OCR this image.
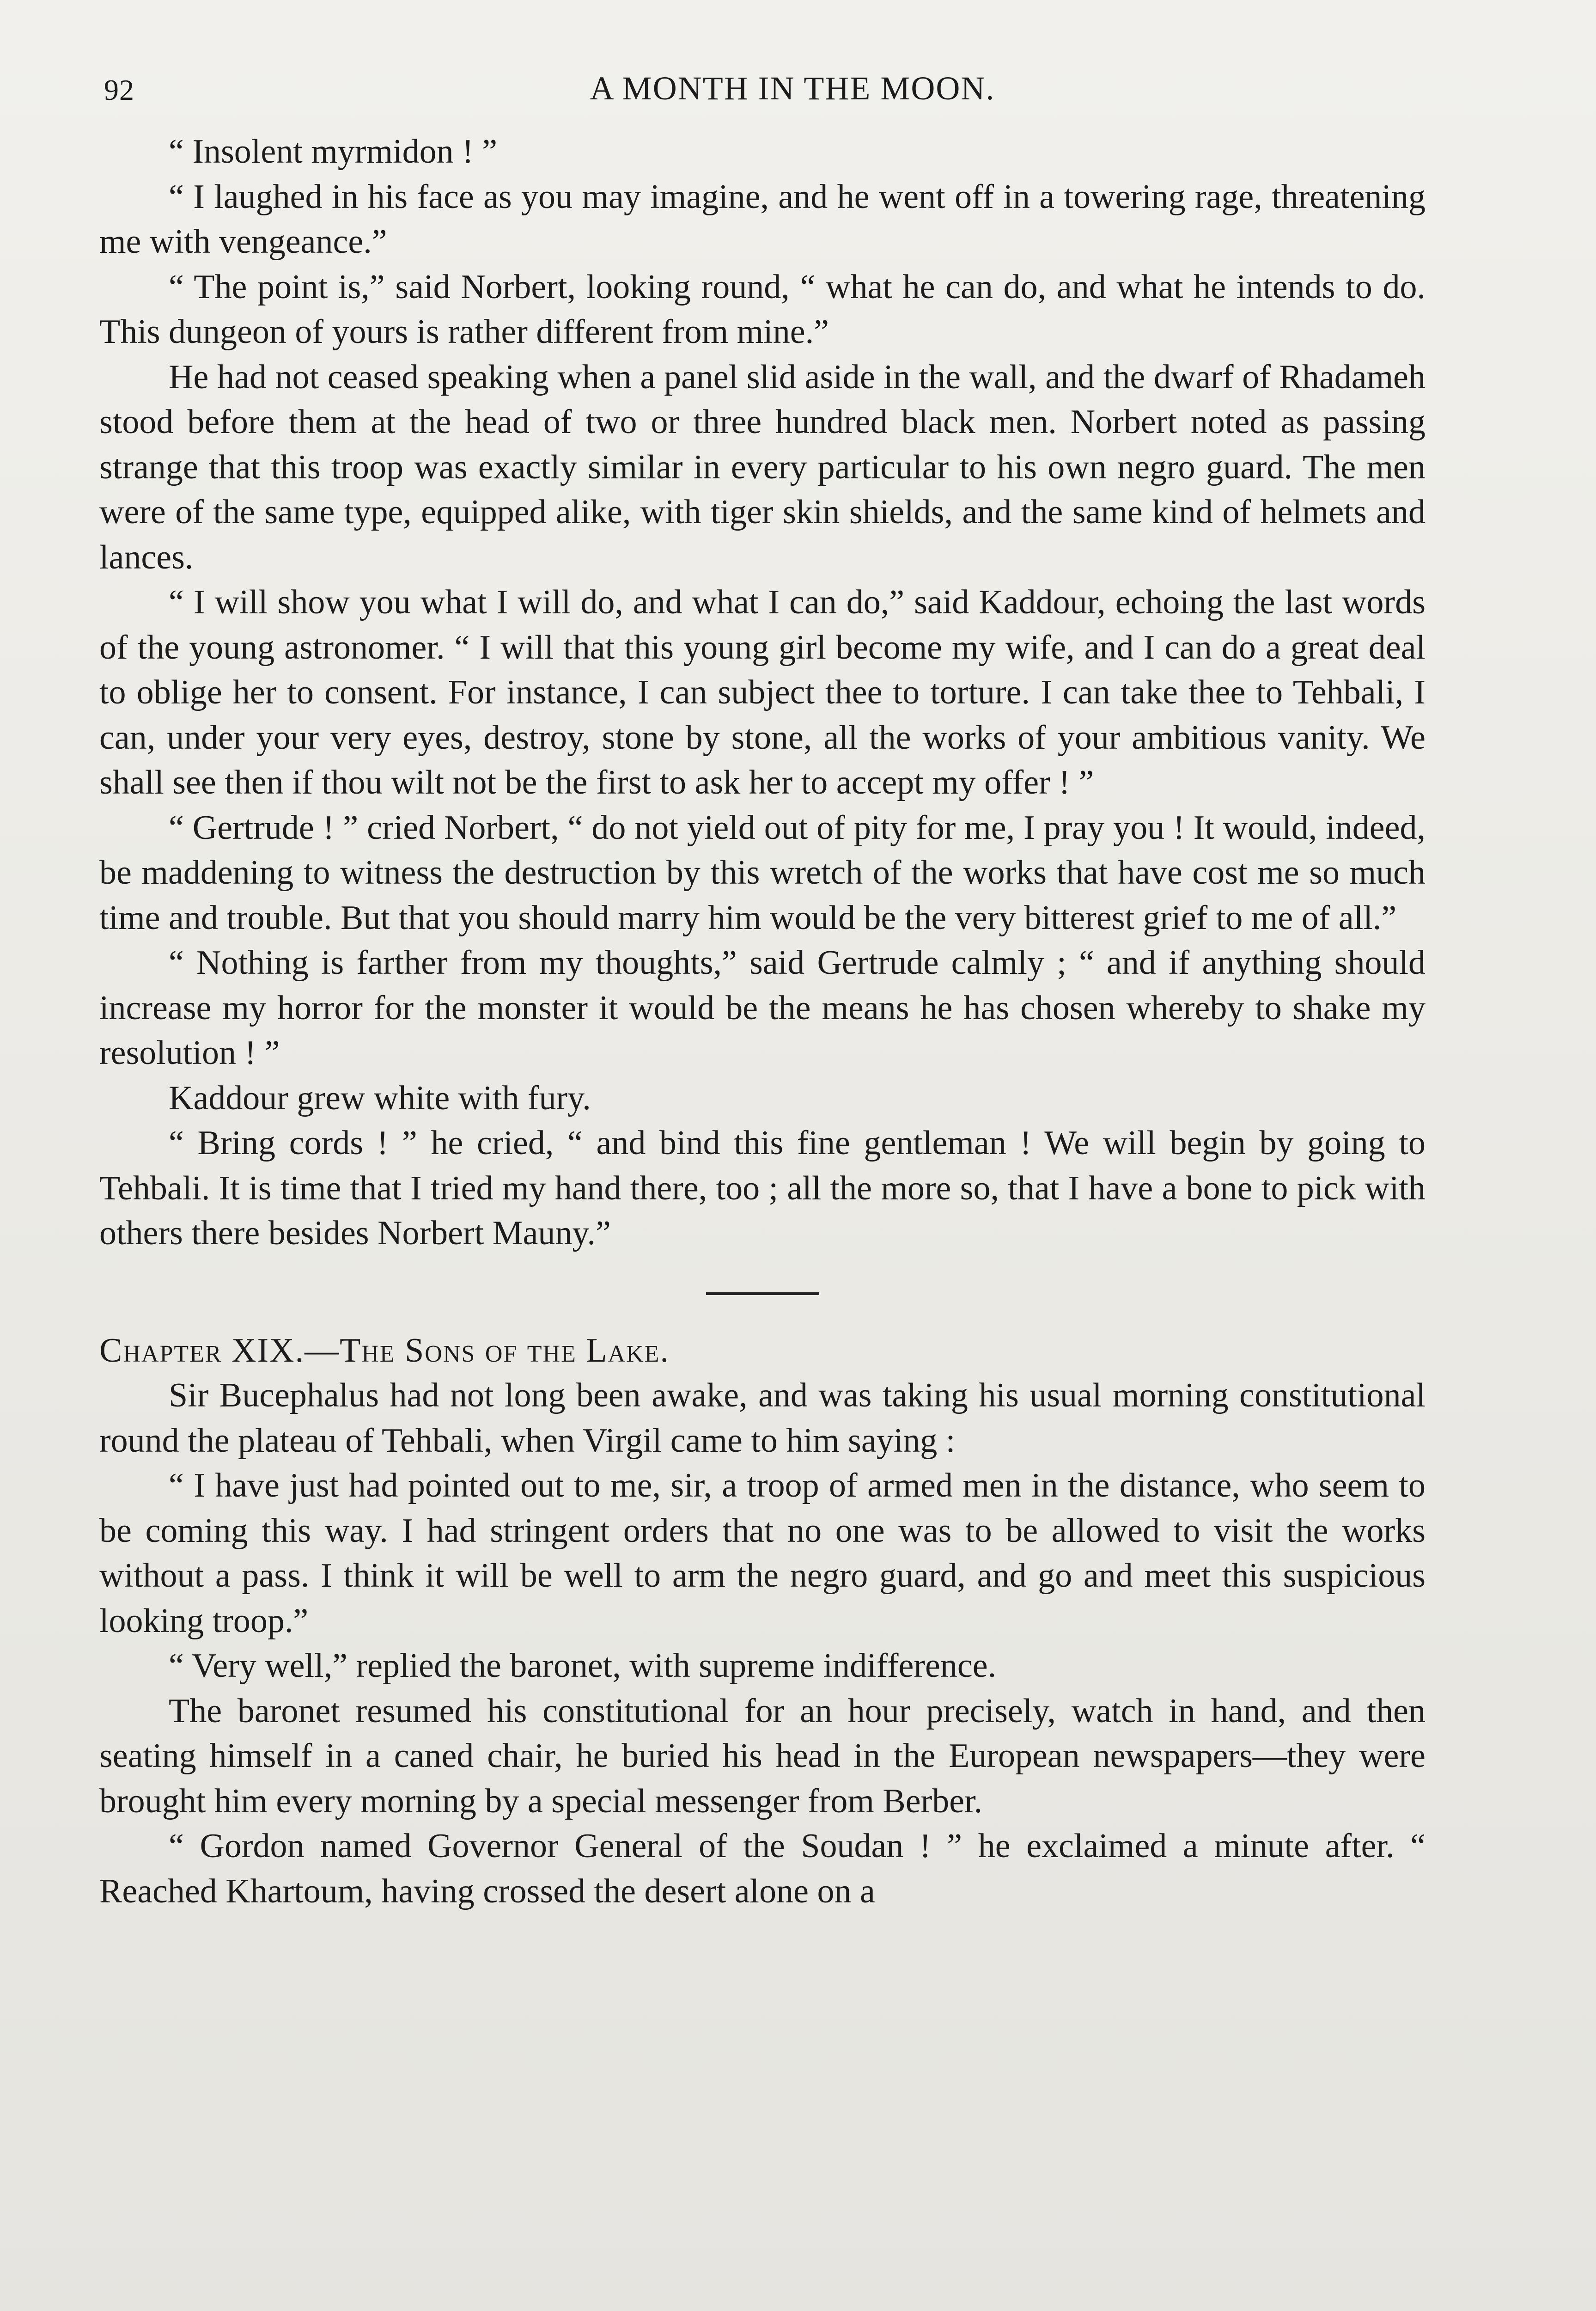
92	A MONTH IN THE MOON.

“ Insolent myrmidon ! ”

“ I laughed in his face as you may imagine, and he went off in a towering rage, threatening me with vengeance.”

“ The point is,” said Norbert, looking round, “ what he can do, and what he intends to do. This dungeon of yours is rather different from mine.”

He had not ceased speaking when a panel slid aside in the wall, and the dwarf of Rhadameh stood before them at the head of two or three hundred black men. Norbert noted as passing strange that this troop was exactly similar in every particular to his own negro guard. The men were of the same type, equipped alike, with tiger skin shields, and the same kind of helmets and lances.

“ I will show you what I will do, and what I can do,” said Kaddour, echoing the last words of the young astronomer. “ I will that this young girl become my wife, and I can do a great deal to oblige her to consent. For instance, I can subject thee to torture. I can take thee to Tehbali, I can, under your very eyes, destroy, stone by stone, all the works of your ambitious vanity. We shall see then if thou wilt not be the first to ask her to accept my offer ! ”

“ Gertrude ! ” cried Norbert, “ do not yield out of pity for me, I pray you ! It would, indeed, be maddening to witness the destruction by this wretch of the works that have cost me so much time and trouble. But that you should marry him would be the very bitterest grief to me of all.”

“ Nothing is farther from my thoughts,” said Gertrude calmly ; “ and if anything should increase my horror for the monster it would be the means he has chosen whereby to shake my resolution ! ”

Kaddour grew white with fury.

“ Bring cords ! ” he cried, “ and bind this fine gentleman ! We will begin by going to Tehbali. It is time that I tried my hand there, too ; all the more so, that I have a bone to pick with others there besides Norbert Mauny.”

Chapter XIX.—The Sons of the Lake.

Sir Bucephalus had not long been awake, and was taking his usual morning constitutional round the plateau of Tehbali, when Virgil came to him saying :

“ I have just had pointed out to me, sir, a troop of armed men in the distance, who seem to be coming this way. I had stringent orders that no one was to be allowed to visit the works without a pass. I think it will be well to arm the negro guard, and go and meet this suspicious looking troop.”

“ Very well,” replied the baronet, with supreme indifference.

The baronet resumed his constitutional for an hour precisely, watch in hand, and then seating himself in a caned chair, he buried his head in the European newspapers—they were brought him every morning by a special messenger from Berber.

“ Gordon named Governor General of the Soudan ! ” he exclaimed a minute after. “ Reached Khartoum, having crossed the desert alone on a
